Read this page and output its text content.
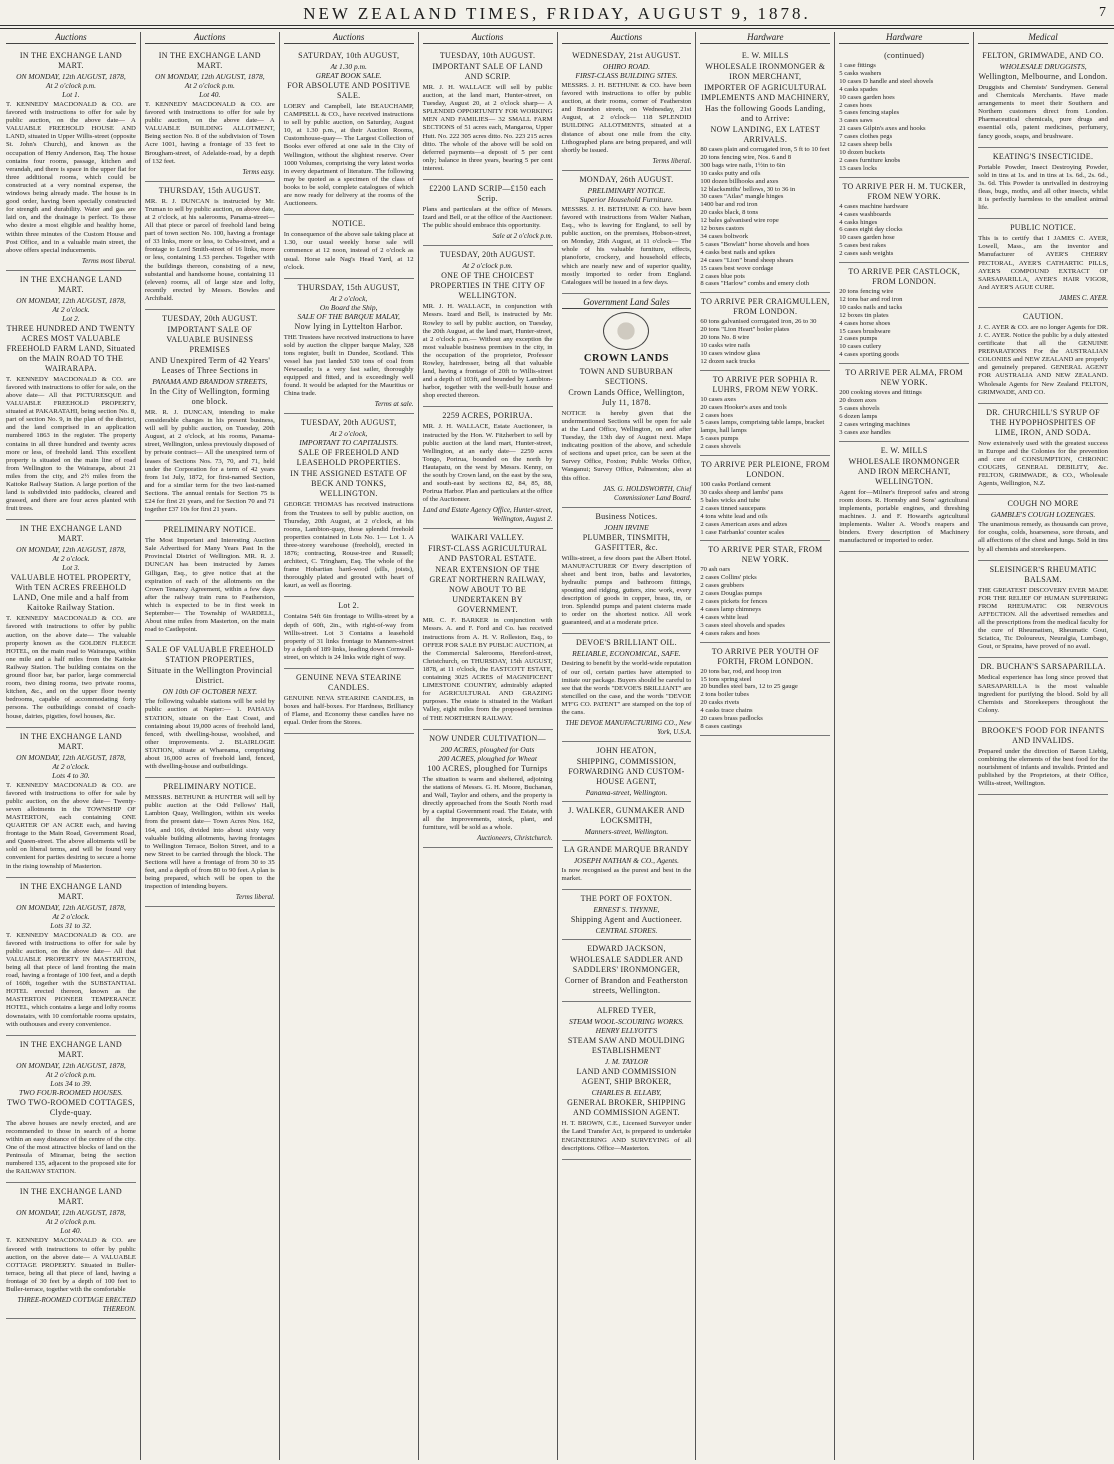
NEW ZEALAND TIMES, FRIDAY, AUGUST 9, 1878.	7
Auctions
IN THE EXCHANGE LAND MART.
ON MONDAY, 12th AUGUST, 1878,
At 2 o'clock p.m.
Lot 1.

T. KENNEDY MACDONALD & CO. are favored with instructions to offer for sale by public auction, on the above date— A VALUABLE FREEHOLD HOUSE AND LAND, situated in Upper Willis-street (opposite St. John's Church), and known as the occupation of Henry Anderson, Esq. The house contains four rooms, passage, kitchen and verandah, and there is space in the upper flat for three additional rooms, which could be constructed at a very nominal expense, the windows being already made. The house is in good order, having been specially constructed for strength and durability. Water and gas are laid on, and the drainage is perfect. To those who desire a most eligible and healthy home, within three minutes of the Custom House and Post Office, and in a valuable main street, the above offers special inducements.

Terms most liberal.
IN THE EXCHANGE LAND MART.
ON MONDAY, 12th AUGUST, 1878,
At 2 o'clock.
Lot 2.
THREE HUNDRED AND TWENTY ACRES MOST VALUABLE FREEHOLD FARM LAND, Situated on the MAIN ROAD TO THE WAIRARAPA.

T. KENNEDY MACDONALD & CO. are favored with instructions to offer for sale, on the above date— All that PICTURESQUE and VALUABLE FREEHOLD PROPERTY, situated at PAKARATAHI, being section No. 8, part of section No. 9, in the plan of the district, and the land comprised in an application numbered 1863 in the register. The property contains in all three hundred and twenty acres more or less, of freehold land. This excellent property is situated on the main line of road from Wellington to the Wairarapa, about 21 miles from the city, and 2½ miles from the Kaitoke Railway Station. A large portion of the land is subdivided into paddocks, cleared and grassed, and there are four acres planted with fruit trees.

IN THE EXCHANGE LAND MART.
ON MONDAY, 12th AUGUST, 1878,
At 2 o'clock.
Lot 3.
VALUABLE HOTEL PROPERTY, With TEN ACRES FREEHOLD LAND, One mile and a half from Kaitoke Railway Station.

T. KENNEDY MACDONALD & CO. are favored with instructions to offer by public auction, on the above date— The valuable property known as the GOLDEN FLEECE HOTEL, on the main road to Wairarapa, within one mile and a half miles from the Kaitoke Railway Station. The building contains on the ground floor bar, bar parlor, large commercial room, two dining rooms, two private rooms, kitchen, &c., and on the upper floor twenty bedrooms, capable of accommodating forty persons. The outbuildings consist of coach-house, dairies, pigsties, fowl houses, &c.

IN THE EXCHANGE LAND MART.
ON MONDAY, 12th AUGUST, 1878,
At 2 o'clock.
Lots 4 to 30.

T. KENNEDY MACDONALD & CO. are favored with instructions to offer for sale by public auction, on the above date— Twenty-seven allotments in the TOWNSHIP OF MASTERTON, each containing ONE QUARTER OF AN ACRE each, and having frontage to the Main Road, Government Road, and Queen-street. The above allotments will be sold on liberal terms, and will be found very convenient for parties desiring to secure a home in the rising township of Masterton.

IN THE EXCHANGE LAND MART.
ON MONDAY, 12th AUGUST, 1878,
At 2 o'clock.
Lots 31 to 32.

T. KENNEDY MACDONALD & CO. are favored with instructions to offer for sale by public auction, on the above date— All that VALUABLE PROPERTY IN MASTERTON, being all that piece of land fronting the main road, having a frontage of 100 feet, and a depth of 160ft, together with the SUBSTANTIAL HOTEL erected thereon, known as the MASTERTON PIONEER TEMPERANCE HOTEL, which contains a large and lofty rooms downstairs, with 10 comfortable rooms upstairs, with outhouses and every convenience.

IN THE EXCHANGE LAND MART.
ON MONDAY, 12th AUGUST, 1878,
At 2 o'clock p.m.
Lots 34 to 39.
TWO FOUR-ROOMED HOUSES.
TWO TWO-ROOMED COTTAGES, Clyde-quay.

The above houses are newly erected, and are recommended to those in search of a home within an easy distance of the centre of the city. One of the most attractive blocks of land on the Peninsula of Miramar, being the section numbered 135, adjacent to the proposed site for the RAILWAY STATION.

IN THE EXCHANGE LAND MART.
ON MONDAY, 12th AUGUST, 1878,
At 2 o'clock p.m.
Lot 40.

T. KENNEDY MACDONALD & CO. are favored with instructions to offer by public auction, on the above date— A VALUABLE COTTAGE PROPERTY. Situated in Buller-terrace, being all that piece of land, having a frontage of 30 feet by a depth of 100 feet to Buller-terrace, together with the comfortable

THREE-ROOMED COTTAGE ERECTED THEREON.
Auctions
IN THE EXCHANGE LAND MART.
ON MONDAY, 12th AUGUST, 1878,
At 2 o'clock p.m.
Lot 40.

T. KENNEDY MACDONALD & CO. are favored with instructions to offer for sale by public auction, on the above date— A VALUABLE BUILDING ALLOTMENT, Being section No. 8 of the subdivision of Town Acre 1001, having a frontage of 33 feet to Brougham-street, of Adelaide-road, by a depth of 132 feet.

Terms easy.
THURSDAY, 15th AUGUST.

MR. R. J. DUNCAN is instructed by Mr. Truman to sell by public auction, on above date, at 2 o'clock, at his salerooms, Panama-street— All that piece or parcel of freehold land being part of town section No. 100, having a frontage of 33 links, more or less, to Cuba-street, and a frontage to Lord Smith-street of 16 links, more or less, containing 1.53 perches. Together with the buildings thereon, consisting of a new, substantial and handsome house, containing 11 (eleven) rooms, all of large size and lofty, recently erected by Messrs. Bowles and Archibald.

TUESDAY, 20th AUGUST.
IMPORTANT SALE OF VALUABLE BUSINESS PREMISES
AND Unexpired Term of 42 Years' Leases of Three Sections in
PANAMA AND BRANDON STREETS,
In the City of Wellington, forming one block.

MR. R. J. DUNCAN, intending to make considerable changes in his present business, will sell by public auction, on Tuesday, 20th August, at 2 o'clock, at his rooms, Panama-street, Wellington, unless previously disposed of by private contract— All the unexpired term of leases of Sections Nos. 73, 70, and 71, held under the Corporation for a term of 42 years from 1st July, 1872, for first-named Section, and for a similar term for the two last-named Sections. The annual rentals for Section 75 is £24 for first 21 years, and for Section 70 and 71 together £37 10s for first 21 years.

PRELIMINARY NOTICE.

The Most Important and Interesting Auction Sale Advertised for Many Years Past In the Provincial District of Wellington. MR. R. J. DUNCAN has been instructed by James Gilligan, Esq., to give notice that at the expiration of each of the allotments on the Crown Tenancy Agreement, within a few days after the railway train runs to Featherston, which is expected to be in first week in September— The Township of WARDELL, About nine miles from Masterton, on the main road to Castlepoint.

SALE OF VALUABLE FREEHOLD STATION PROPERTIES,
Situate in the Wellington Provincial District.
ON 10th OF OCTOBER NEXT.

The following valuable stations will be sold by public auction at Napier:— 1. PAHAUA STATION, situate on the East Coast, and containing about 19,000 acres of freehold land, fenced, with dwelling-house, woolshed, and other improvements. 2. BLAIRLOGIE STATION, situate at Whareama, comprising about 16,000 acres of freehold land, fenced, with dwelling-house and outbuildings.

PRELIMINARY NOTICE.

MESSRS. BETHUNE & HUNTER will sell by public auction at the Odd Fellows' Hall, Lambton Quay, Wellington, within six weeks from the present date— Town Acres Nos. 162, 164, and 166, divided into about sixty very valuable building allotments, having frontages to Wellington Terrace, Bolton Street, and to a new Street to be carried through the block. The Sections will have a frontage of from 30 to 35 feet, and a depth of from 80 to 90 feet. A plan is being prepared, which will be open to the inspection of intending buyers.

Terms liberal.
Auctions
SATURDAY, 10th AUGUST,
At 1.30 p.m.
GREAT BOOK SALE.
FOR ABSOLUTE AND POSITIVE SALE.

LOERY and Campbell, late BEAUCHAMP, CAMPBELL & CO., have received instructions to sell by public auction, on Saturday, August 10, at 1.30 p.m., at their Auction Rooms, Customhouse-quay— The Largest Collection of Books ever offered at one sale in the City of Wellington, without the slightest reserve. Over 1000 Volumes, comprising the very latest works in every department of literature. The following may be quoted as a specimen of the class of books to be sold, complete catalogues of which are now ready for delivery at the rooms of the Auctioneers.

NOTICE.

In consequence of the above sale taking place at 1.30, our usual weekly horse sale will commence at 12 noon, instead of 2 o'clock as usual. Horse sale Nag's Head Yard, at 12 o'clock.

THURSDAY, 15th AUGUST,
At 2 o'clock,
On Board the Ship,
SALE OF THE BARQUE MALAY,
Now lying in Lyttelton Harbor.

THE Trustees have received instructions to have sold by auction the clipper barque Malay, 328 tons register, built in Dundee, Scotland. This vessel has just landed 530 tons of coal from Newcastle; is a very fast sailer, thoroughly equipped and fitted, and is exceedingly well found. It would be adapted for the Mauritius or China trade.

Terms at sale.
TUESDAY, 20th AUGUST,
At 2 o'clock,
IMPORTANT TO CAPITALISTS.
SALE OF FREEHOLD AND LEASEHOLD PROPERTIES.
IN THE ASSIGNED ESTATE OF BECK AND TONKS, WELLINGTON.

GEORGE THOMAS has received instructions from the Trustees to sell by public auction, on Thursday, 20th August, at 2 o'clock, at his rooms, Lambton-quay, those splendid freehold properties contained in Lots No. 1— Lot 1. A three-storey warehouse (freehold), erected in 1876; contracting, Rouse-tree and Russell; architect, C. Tringham, Esq. The whole of the frame Hobartian hard-wood (sills, joists), thoroughly plated and grouted with heart of kauri, as well as flooring.

Lot 2.

Contains 54ft 6in frontage to Willis-street by a depth of 60ft, 2in., with right-of-way from Willis-street. Lot 3 Contains a leasehold property of 31 links frontage to Manners-street by a depth of 189 links, leading down Cornwall-street, on which is 24 links wide right of way.

GENUINE NEVA STEARINE CANDLES.

GENUINE NEVA STEARINE CANDLES, in boxes and half-boxes. For Hardness, Brilliancy of Flame, and Economy these candles have no equal. Order from the Stores.

Auctions
TUESDAY, 10th AUGUST.
IMPORTANT SALE OF LAND AND SCRIP.

MR. J. H. WALLACE will sell by public auction, at the land mart, Hunter-street, on Tuesday, August 20, at 2 o'clock sharp— A SPLENDID OPPORTUNITY FOR WORKING MEN AND FAMILIES— 32 SMALL FARM SECTIONS of 51 acres each, Mangaroa, Upper Hutt. No. 222 305 acres ditto. No. 223 215 acres ditto. The whole of the above will be sold on deferred payments—a deposit of 5 per cent only; balance in three years, bearing 5 per cent interest.

£2200 LAND SCRIP—£150 each Scrip.

Plans and particulars at the office of Messrs. Izard and Bell, or at the office of the Auctioneer. The public should embrace this opportunity.

Sale at 2 o'clock p.m.
TUESDAY, 20th AUGUST.
At 2 o'clock p.m.
ONE OF THE CHOICEST PROPERTIES IN THE CITY OF WELLINGTON.

MR. J. H. WALLACE, in conjunction with Messrs. Izard and Bell, is instructed by Mr. Rowley to sell by public auction, on Tuesday, the 20th August, at the land mart, Hunter-street, at 2 o'clock p.m.— Without any exception the most valuable business premises in the city, in the occupation of the proprietor, Professor Rowley, hairdresser, being all that valuable land, having a frontage of 20ft to Willis-street and a depth of 103ft, and bounded by Lambton-harbor, together with the well-built house and shop erected thereon.

2259 ACRES, PORIRUA.

MR. J. H. WALLACE, Estate Auctioneer, is instructed by the Hon. W. Fitzherbert to sell by public auction at the land mart, Hunter-street, Wellington, at an early date— 2259 acres Tongo, Porirua, bounded on the north by Hautapatu, on the west by Messrs. Kenny, on the south by Crown land, on the east by the sea, and south-east by sections 82, 84, 85, 88, Porirua Harbor. Plan and particulars at the office of the Auctioneer.

Land and Estate Agency Office, Hunter-street, Wellington, August 2.
WAIKARI VALLEY.
FIRST-CLASS AGRICULTURAL AND PASTORAL ESTATE.
NEAR EXTENSION OF THE GREAT NORTHERN RAILWAY, NOW ABOUT TO BE UNDERTAKEN BY GOVERNMENT.

MR. C. F. BARKER in conjunction with Messrs. A. and F. Ford and Co. has received instructions from A. H. V. Rolleston, Esq., to OFFER FOR SALE BY PUBLIC AUCTION, at the Commercial Salerooms, Hereford-street, Christchurch, on THURSDAY, 15th AUGUST, 1878, at 11 o'clock, the EASTCOTT ESTATE, containing 3025 ACRES of MAGNIFICENT LIMESTONE COUNTRY, admirably adapted for AGRICULTURAL AND GRAZING purposes. The estate is situated in the Waikari Valley, eight miles from the proposed terminus of THE NORTHERN RAILWAY.

NOW UNDER CULTIVATION—
200 ACRES, ploughed for Oats
200 ACRES, ploughed for Wheat
100 ACRES, ploughed for Turnips

The situation is warm and sheltered, adjoining the stations of Messrs. G. H. Moore, Buchanan, and Wall, Taylor and others, and the property is directly approached from the South North road by a capital Government road. The Estate, with all the improvements, stock, plant, and furniture, will be sold as a whole.

Auctioneers, Christchurch.
Auctions
WEDNESDAY, 21st AUGUST.
OHIRO ROAD.
FIRST-CLASS BUILDING SITES.

MESSRS. J. H. BETHUNE & CO. have been favored with instructions to offer by public auction, at their rooms, corner of Featherston and Brandon streets, on Wednesday, 21st August, at 2 o'clock— 118 SPLENDID BUILDING ALLOTMENTS, situated at a distance of about one mile from the city. Lithographed plans are being prepared, and will shortly be issued.

Terms liberal.
MONDAY, 26th AUGUST.
PRELIMINARY NOTICE.
Superior Household Furniture.

MESSRS. J. H. BETHUNE & CO. have been favored with instructions from Walter Nathan, Esq., who is leaving for England, to sell by public auction, on the premises, Hobson-street, on Monday, 26th August, at 11 o'clock— The whole of his valuable furniture, effects, pianoforte, crockery, and household effects, which are nearly new and of superior quality, mostly imported to order from England. Catalogues will be issued in a few days.

Government Land Sales
CROWN LANDS
TOWN AND SUBURBAN SECTIONS.
Crown Lands Office, Wellington, July 11, 1878.

NOTICE is hereby given that the undermentioned Sections will be open for sale at the Land Office, Wellington, on and after Tuesday, the 13th day of August next. Maps indicating position of the above, and schedule of sections and upset price, can be seen at the Survey Office, Foxton; Public Works Office, Wanganui; Survey Office, Palmerston; also at this office.

JAS. G. HOLDSWORTH, Chief Commissioner Land Board.
Business Notices.
JOHN IRVINE
PLUMBER, TINSMITH, GASFITTER, &c.

Willis-street, a few doors past the Albert Hotel. MANUFACTURER OF Every description of sheet and bent iron, baths and lavatories, hydraulic pumps and bathroom fittings, spouting and ridging, gutters, zinc work, every description of goods in copper, brass, tin, or iron. Splendid pumps and patent cisterns made to order on the shortest notice. All work guaranteed, and at a moderate price.

DEVOE'S BRILLIANT OIL.
RELIABLE, ECONOMICAL, SAFE.

Desiring to benefit by the world-wide reputation of our oil, certain parties have attempted to imitate our package. Buyers should be careful to see that the words "DEVOE'S BRILLIANT" are stencilled on the case, and the words "DEVOE M'F'G CO. PATENT" are stamped on the top of the cans.

THE DEVOE MANUFACTURING CO., New York, U.S.A.
JOHN HEATON,
SHIPPING, COMMISSION, FORWARDING AND CUSTOM-HOUSE AGENT,
Panama-street, Wellington.
J. WALKER, GUNMAKER AND LOCKSMITH,
Manners-street, Wellington.
LA GRANDE MARQUE BRANDY
JOSEPH NATHAN & CO., Agents.

Is now recognised as the purest and best in the market.

THE PORT OF FOXTON.
ERNEST S. THYNNE,
Shipping Agent and Auctioneer.
CENTRAL STORES.
EDWARD JACKSON,
WHOLESALE SADDLER AND SADDLERS' IRONMONGER,
Corner of Brandon and Featherston streets, Wellington.
ALFRED TYER,
STEAM WOOL-SCOURING WORKS.
HENRY ELLYOTT'S
STEAM SAW AND MOULDING ESTABLISHMENT
J. M. TAYLOR
LAND AND COMMISSION AGENT, SHIP BROKER,
CHARLES B. ELLABY,
GENERAL BROKER, SHIPPING AND COMMISSION AGENT.

H. T. BROWN, C.E., Licensed Surveyor under the Land Transfer Act, is prepared to undertake ENGINEERING AND SURVEYING of all descriptions. Office—Masterton.

Hardware
E. W. MILLS
WHOLESALE IRONMONGER & IRON MERCHANT,
IMPORTER OF AGRICULTURAL IMPLEMENTS AND MACHINERY,
Has the following Goods Landing, and to Arrive:
NOW LANDING, EX LATEST ARRIVALS.
80 cases plain and corrugated iron, 5 ft to 10 feet
20 tons fencing wire, Nos. 6 and 8
300 bags wire nails, 1½in to 6in
10 casks putty and oils
100 dozen billhooks and axes
12 blacksmiths' bellows, 30 to 36 in
30 cases "Atlas" mangle hinges
1400 bar and rod iron
20 casks black, 8 tons
12 bales galvanised wire rope
12 boxes castors
34 cases boltwork
5 cases "Bowlatt" horse shovels and hoes
4 casks best nails and spikes
24 cases "Lion" brand sheep shears
15 cases best wove cordage
2 cases blue pots
8 cases "Harlow" combs and emery cloth
TO ARRIVE PER CRAIGMULLEN, FROM LONDON.
60 tons galvanised corrugated iron, 26 to 30
20 tons "Lion Heart" boiler plates
20 tons No. 8 wire
10 casks wire nails
10 cases window glass
12 dozen sack trucks
TO ARRIVE PER SOPHIA R. LUHRS, FROM NEW YORK.
10 cases axes
20 cases Hooker's axes and tools
2 cases hoes
5 cases lamps, comprising table lamps, bracket lamps, hall lamps
5 cases pumps
2 cases shovels
TO ARRIVE PER PLEIONE, FROM LONDON.
100 casks Portland cement
30 casks sheep and lambs' pans
5 bales wicks and tube
2 cases tinned saucepans
4 tons white lead and oils
2 cases American axes and adzes
1 case Fairbanks' counter scales
TO ARRIVE PER STAR, FROM NEW YORK.
70 ash oars
2 cases Collins' picks
2 cases grubbers
2 cases Douglas pumps
2 cases pickets for fences
4 cases lamp chimneys
4 cases white lead
3 cases steel shovels and spades
4 cases rakes and hoes
TO ARRIVE PER YOUTH OF FORTH, FROM LONDON.
20 tons bar, rod, and hoop iron
15 tons spring steel
20 bundles steel bars, 12 to 25 gauge
2 tons boiler tubes
20 casks rivets
4 casks trace chains
20 cases brass padlocks
8 cases castings
Hardware
(continued)
1 case fittings
5 casks washers
10 cases D handle and steel shovels
4 casks spades
10 cases garden hoes
2 cases hoes
5 cases fencing staples
3 cases saws
21 cases Gilpin's axes and hooks
7 cases clothes pegs
12 cases sheep bells
10 dozen buckets
2 cases furniture knobs
13 cases locks
TO ARRIVE PER H. M. TUCKER, FROM NEW YORK.
4 cases machine hardware
4 cases washboards
4 casks hinges
6 cases eight day clocks
10 cases garden hose
5 cases best rakes
2 cases sash weights
TO ARRIVE PER CASTLOCK, FROM LONDON.
20 tons fencing wire
12 tons bar and rod iron
10 casks nails and tacks
12 boxes tin plates
4 cases horse shoes
15 cases brushware
2 cases pumps
10 cases cutlery
4 cases sporting goods
TO ARRIVE PER ALMA, FROM NEW YORK.
200 cooking stoves and fittings
20 dozen axes
5 cases shovels
6 dozen lamps
2 cases wringing machines
3 cases axe handles
E. W. MILLS
WHOLESALE IRONMONGER AND IRON MERCHANT, WELLINGTON.

Agent for—Milner's fireproof safes and strong room doors. R. Hornsby and Sons' agricultural implements, portable engines, and threshing machines. J. and F. Howard's agricultural implements. Walter A. Wood's reapers and binders. Every description of Machinery manufactured or imported to order.

Medical
FELTON, GRIMWADE, AND CO.
WHOLESALE DRUGGISTS,
Wellington, Melbourne, and London.

Druggists and Chemists' Sundrymen. General and Chemicals Merchants. Have made arrangements to meet their Southern and Northern customers direct from London. Pharmaceutical chemicals, pure drugs and essential oils, patent medicines, perfumery, fancy goods, soaps, and brushware.

KEATING'S INSECTICIDE.

Portable Powder, Insect Destroying Powder, sold in tins at 1s. and in tins at 1s. 6d., 2s. 6d., 3s. 6d. This Powder is unrivalled in destroying fleas, bugs, moths, and all other insects, whilst it is perfectly harmless to the smallest animal life.

PUBLIC NOTICE.

This is to certify that I JAMES C. AYER, Lowell, Mass., am the inventor and Manufacturer of AYER'S CHERRY PECTORAL, AYER'S CATHARTIC PILLS, AYER'S COMPOUND EXTRACT OF SARSAPARILLA, AYER'S HAIR VIGOR, And AYER'S AGUE CURE.

JAMES C. AYER.
CAUTION.

J. C. AYER & CO. are no longer Agents for DR. J. C. AYER. Notice the public by a duly attested certificate that all the GENUINE PREPARATIONS For the AUSTRALIAN COLONIES and NEW ZEALAND are properly and genuinely prepared. GENERAL AGENT FOR AUSTRALIA AND NEW ZEALAND. Wholesale Agents for New Zealand FELTON, GRIMWADE, AND CO.

DR. CHURCHILL'S SYRUP OF THE HYPOPHOSPHITES OF LIME, IRON, AND SODA.

Now extensively used with the greatest success in Europe and the Colonies for the prevention and cure of CONSUMPTION, CHRONIC COUGHS, GENERAL DEBILITY, &c. FELTON, GRIMWADE, & CO., Wholesale Agents, Wellington, N.Z.

COUGH NO MORE
GAMBLE'S COUGH LOZENGES.

The unanimous remedy, as thousands can prove, for coughs, colds, hoarseness, sore throats, and all affections of the chest and lungs. Sold in tins by all chemists and storekeepers.

SLEISINGER'S RHEUMATIC BALSAM.

THE GREATEST DISCOVERY EVER MADE FOR THE RELIEF OF HUMAN SUFFERING FROM RHEUMATIC OR NERVOUS AFFECTION. All the advertised remedies and all the prescriptions from the medical faculty for the cure of Rheumatism, Rheumatic Gout, Sciatica, Tic Doloureux, Neuralgia, Lumbago, Gout, or Sprains, have proved of no avail.

DR. BUCHAN'S SARSAPARILLA.

Medical experience has long since proved that SARSAPARILLA is the most valuable ingredient for purifying the blood. Sold by all Chemists and Storekeepers throughout the Colony.

BROOKE'S FOOD FOR INFANTS AND INVALIDS.

Prepared under the direction of Baron Liebig, combining the elements of the best food for the nourishment of infants and invalids. Printed and published by the Proprietors, at their Office, Willis-street, Wellington.
